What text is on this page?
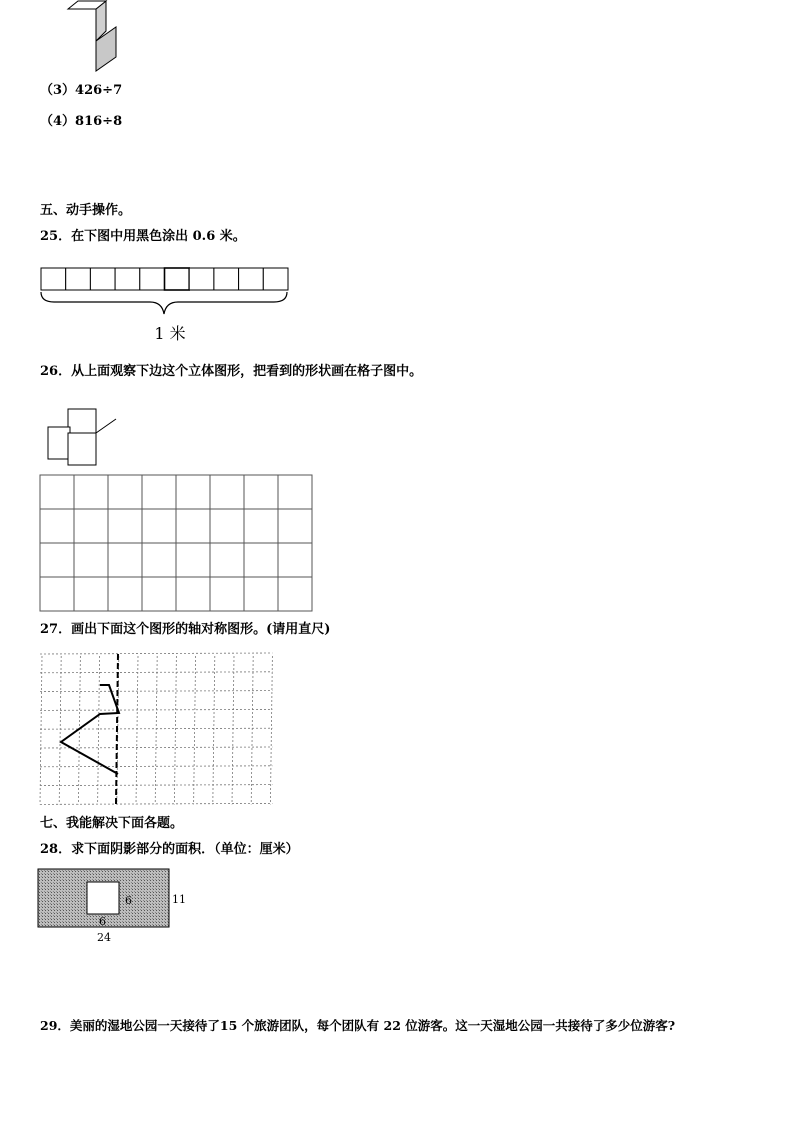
（3）426÷7
（4）816÷8
五、动手操作。
25．在下图中用黑色涂出 0.6 米。
1 米
26．从上面观察下边这个立体图形，把看到的形状画在格子图中。
27．画出下面这个图形的轴对称图形。(请用直尺)
七、我能解决下面各题。
28．求下面阴影部分的面积．（单位：厘米）
6
6
11
24
29．美丽的湿地公园一天接待了15 个旅游团队，每个团队有 22 位游客。这一天湿地公园一共接待了多少位游客?
